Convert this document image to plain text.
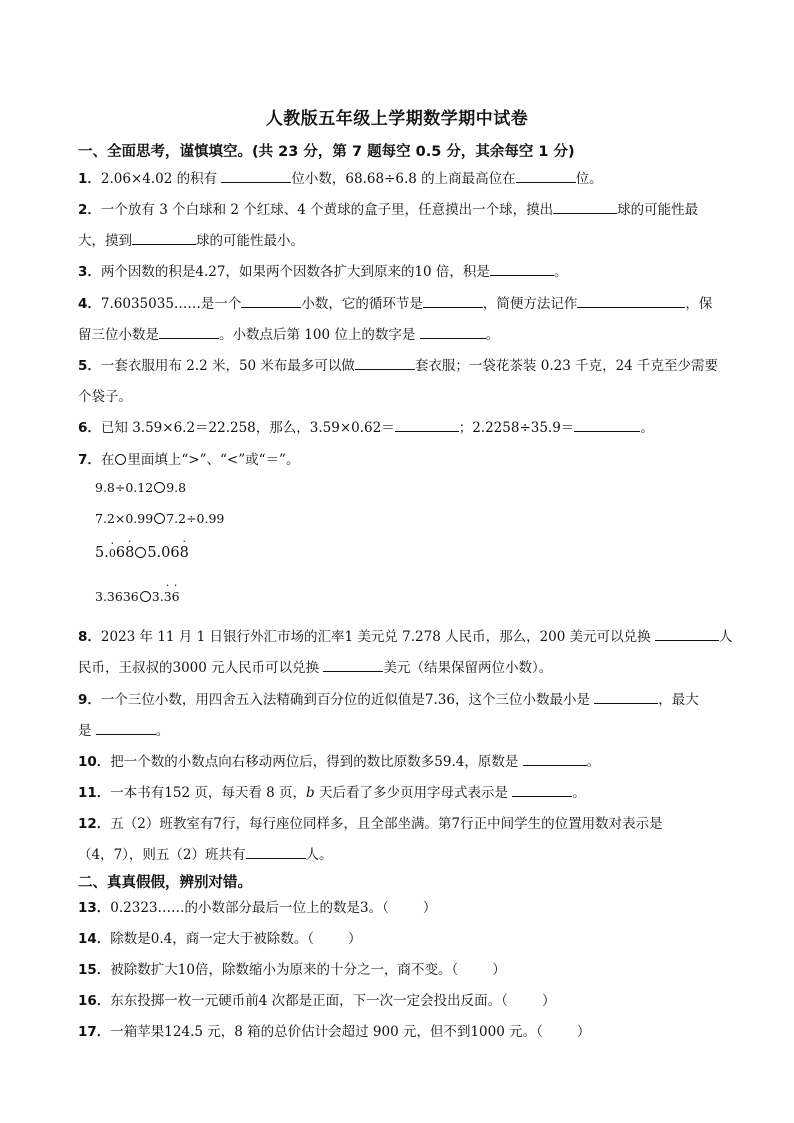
人教版五年级上学期数学期中试卷
一、全面思考，谨慎填空。(共 23 分，第 7 题每空 0.5 分，其余每空 1 分)
1．2.06×4.02 的积有	位小数，68.68÷6.8 的上商最高位在	位。
2．一个放有 3 个白球和 2 个红球、4 个黄球的盒子里，任意摸出一个球，摸出	球的可能性最
大，摸到	球的可能性最小。
3．两个因数的积是4.27，如果两个因数各扩大到原来的10 倍，积是	。
4．7.6035035……是一个	小数，它的循环节是	，简便方法记作	，保
留三位小数是	。小数点后第 100 位上的数字是	。
5．一套衣服用布 2.2 米，50 米布最多可以做	套衣服；一袋花茶装 0.23 千克，24 千克至少需要
个袋子。
6．已知 3.59×6.2＝22.258，那么，3.59×0.62＝	；2.2258÷35.9＝	。
7．在 里面填上“>”、“<”或“＝”。
9.8÷0.12 9.8
7.2×0.99 7.2÷0.99
5.· 06· 8 5.06· 8
3.3636 3.· 3· 6
8．2023 年 11 月 1 日银行外汇市场的汇率1 美元兑 7.278 人民币，那么，200 美元可以兑换	人
民币，王叔叔的3000 元人民币可以兑换	美元（结果保留两位小数）。
9．一个三位小数，用四舍五入法精确到百分位的近似值是7.36，这个三位小数最小是	，最大
是	。
10．把一个数的小数点向右移动两位后，得到的数比原数多59.4，原数是	。
11．一本书有152 页，每天看 8 页，b 天后看了多少页用字母式表示是	。
12．五（2）班教室有7行，每行座位同样多，且全部坐满。第7行正中间学生的位置用数对表示是
（4，7），则五（2）班共有	人。
二、真真假假，辨别对错。
13．0.2323……的小数部分最后一位上的数是3。（	）
14．除数是0.4，商一定大于被除数。（	）
15．被除数扩大10倍，除数缩小为原来的十分之一，商不变。（	）
16．东东投掷一枚一元硬币前4 次都是正面，下一次一定会投出反面。（	）
17．一箱苹果124.5 元，8 箱的总价估计会超过 900 元，但不到1000 元。（	）
